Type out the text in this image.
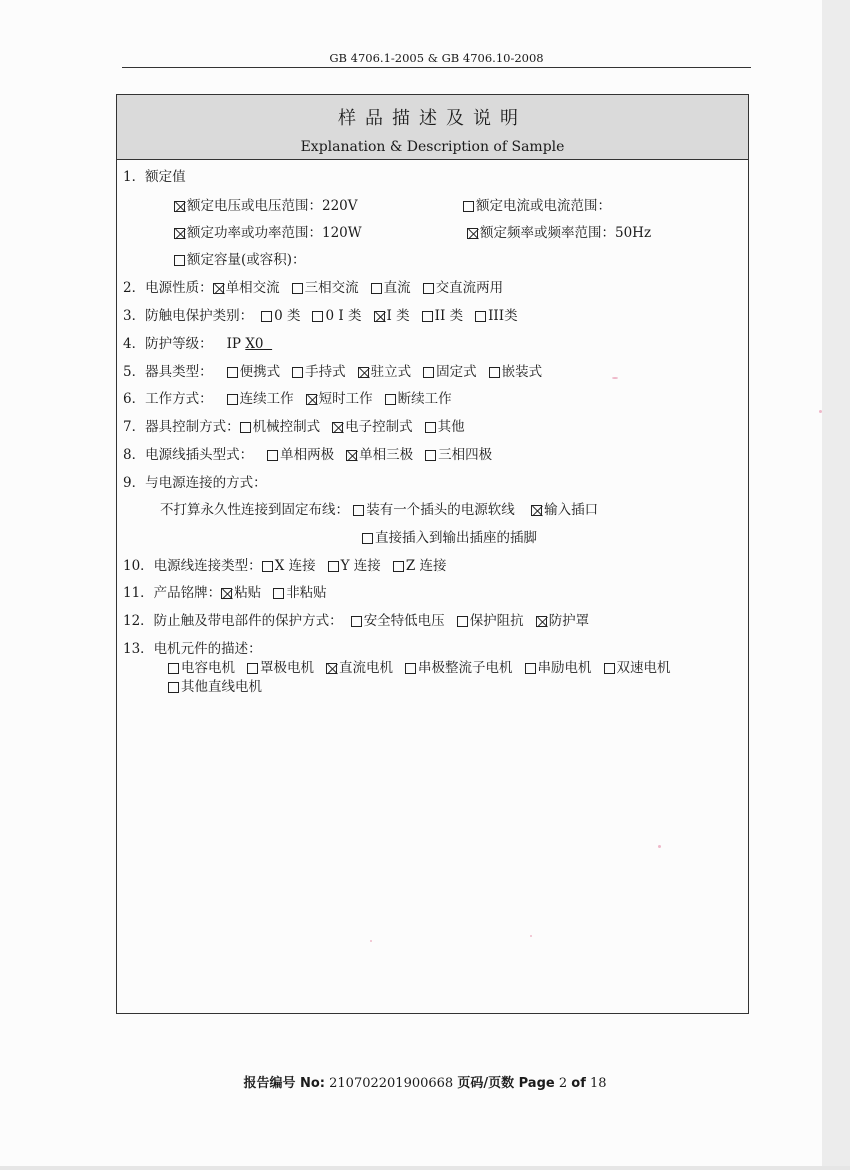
GB 4706.1-2005 & GB 4706.10-2008
样品描述及说明
Explanation & Description of Sample
1．额定值
额定电压或电压范围：220V	额定电流或电流范围：
额定功率或功率范围：120W	额定频率或频率范围：50Hz
额定容量(或容积)：
2．电源性质： 单相交流 三相交流 直流 交直流两用
3．防触电保护类别： 0 类 0 I 类 I 类 II 类 III类
4．防护等级： IP X0
5．器具类型： 便携式 手持式 驻立式 固定式 嵌装式
6．工作方式： 连续工作 短时工作 断续工作
7．器具控制方式： 机械控制式 电子控制式 其他
8．电源线插头型式： 单相两极 单相三极 三相四极
9．与电源连接的方式：
不打算永久性连接到固定布线： 装有一个插头的电源软线 输入插口
直接插入到输出插座的插脚
10．电源线连接类型： X 连接 Y 连接 Z 连接
11．产品铭牌： 粘贴 非粘贴
12．防止触及带电部件的保护方式： 安全特低电压 保护阻抗 防护罩
13．电机元件的描述：
电容电机 罩极电机 直流电机 串极整流子电机 串励电机 双速电机
其他直线电机
报告编号 No: 210702201900668 页码/页数 Page 2 of 18
